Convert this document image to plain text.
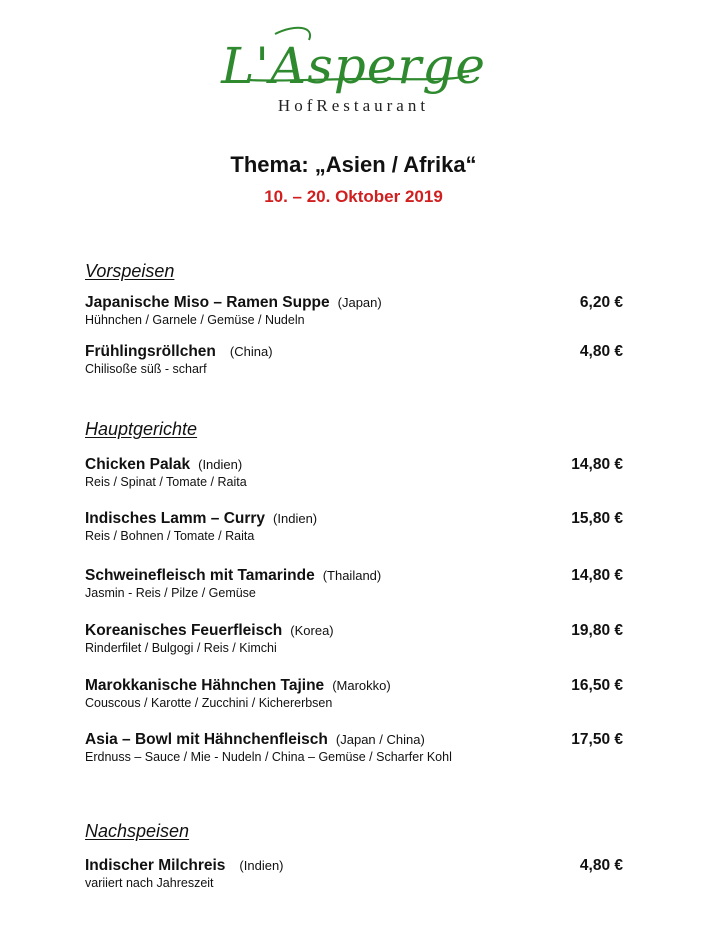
L'Asperge
HofRestaurant
Thema: „Asien / Afrika“
10. – 20. Oktober 2019
Vorspeisen
Japanische Miso – Ramen Suppe (Japan)
Hühnchen / Garnele / Gemüse / Nudeln
6,20 €
Frühlingsröllchen (China)
Chilisoße süß - scharf
4,80 €
Hauptgerichte
Chicken Palak (Indien)
Reis / Spinat / Tomate / Raita
14,80 €
Indisches Lamm – Curry (Indien)
Reis / Bohnen / Tomate / Raita
15,80 €
Schweinefleisch mit Tamarinde (Thailand)
Jasmin - Reis / Pilze / Gemüse
14,80 €
Koreanisches Feuerfleisch (Korea)
Rinderfilet / Bulgogi / Reis / Kimchi
19,80 €
Marokkanische Hähnchen Tajine (Marokko)
Couscous / Karotte / Zucchini / Kichererbsen
16,50 €
Asia – Bowl mit Hähnchenfleisch (Japan / China)
Erdnuss – Sauce / Mie - Nudeln / China – Gemüse / Scharfer Kohl
17,50 €
Nachspeisen
Indischer Milchreis (Indien)
variiert nach Jahreszeit
4,80 €
